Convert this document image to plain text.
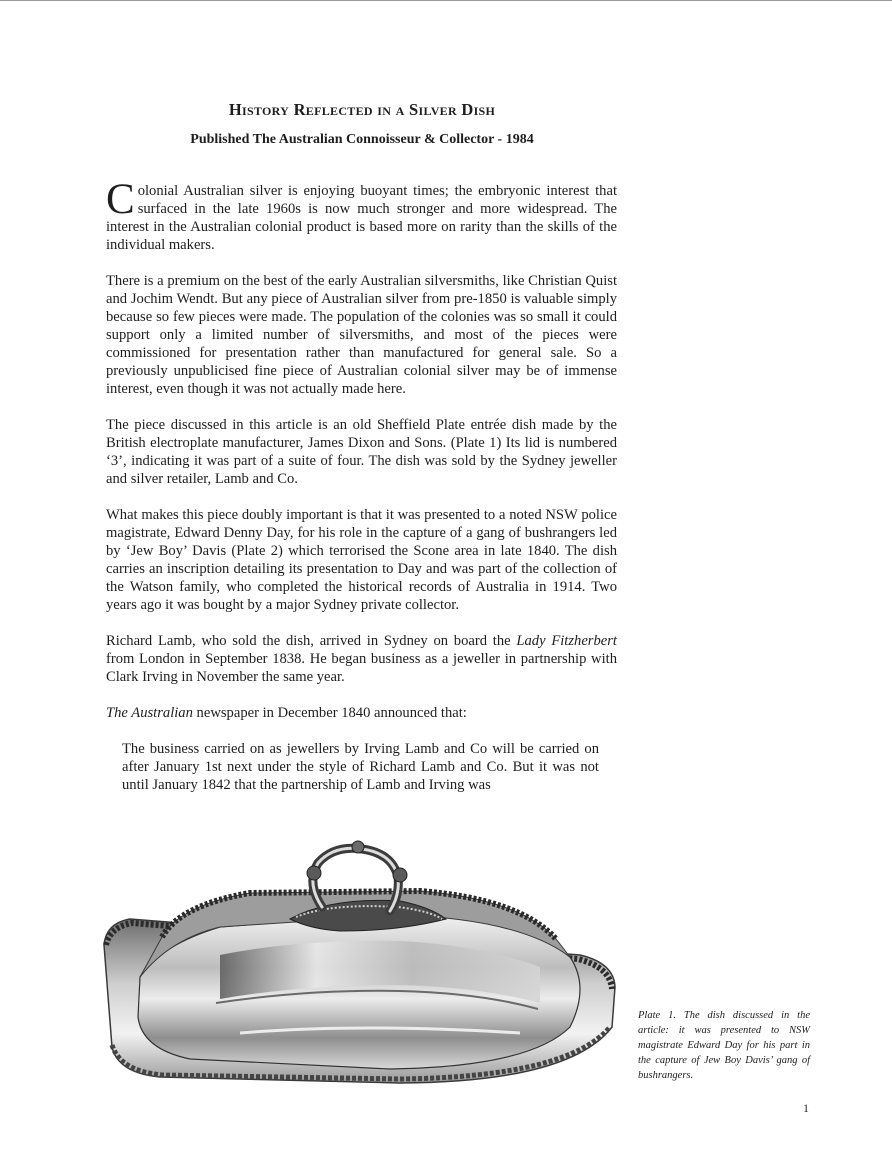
History Reflected in a Silver Dish
Published The Australian Connoisseur & Collector - 1984

Colonial Australian silver is enjoying buoyant times; the embryonic interest that surfaced in the late 1960s is now much stronger and more widespread. The interest in the Australian colonial product is based more on rarity than the skills of the individual makers.

There is a premium on the best of the early Australian silversmiths, like Christian Quist and Jochim Wendt. But any piece of Australian silver from pre-1850 is valuable simply because so few pieces were made. The population of the colonies was so small it could support only a limited number of silversmiths, and most of the pieces were commissioned for presentation rather than manufactured for general sale. So a previously unpublicised fine piece of Australian colonial silver may be of immense interest, even though it was not actually made here.

The piece discussed in this article is an old Sheffield Plate entrée dish made by the British electroplate manufacturer, James Dixon and Sons. (Plate 1) Its lid is numbered ‘3’, indicating it was part of a suite of four. The dish was sold by the Sydney jeweller and silver retailer, Lamb and Co.

What makes this piece doubly important is that it was presented to a noted NSW police magistrate, Edward Denny Day, for his role in the capture of a gang of bushrangers led by ‘Jew Boy’ Davis (Plate 2) which terrorised the Scone area in late 1840. The dish carries an inscription detailing its presentation to Day and was part of the collection of the Watson family, who completed the historical records of Australia in 1914. Two years ago it was bought by a major Sydney private collector.

Richard Lamb, who sold the dish, arrived in Sydney on board the Lady Fitzherbert from London in September 1838. He began business as a jeweller in partnership with Clark Irving in November the same year.

The Australian newspaper in December 1840 announced that:

The business carried on as jewellers by Irving Lamb and Co will be carried on after January 1st next under the style of Richard Lamb and Co. But it was not until January 1842 that the partnership of Lamb and Irving was

Plate 1. The dish discussed in the article: it was presented to NSW magistrate Edward Day for his part in the capture of Jew Boy Davis’ gang of bushrangers.

1
